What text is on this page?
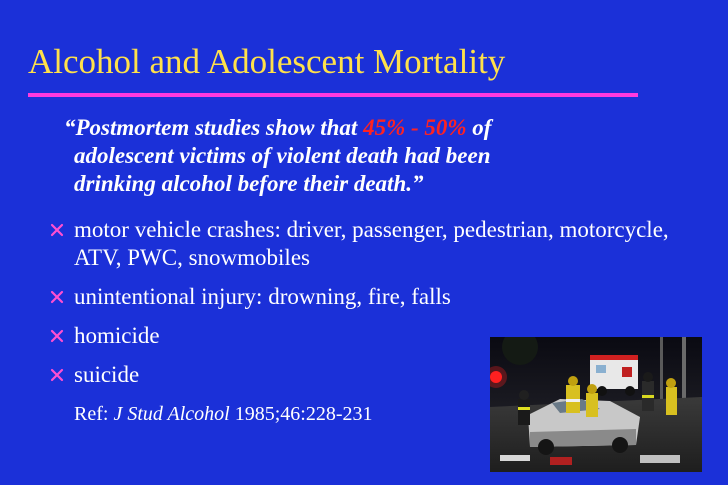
Alcohol and Adolescent Mortality
“Postmortem studies show that 45% - 50% of
adolescent victims of violent death had been
drinking alcohol before their death.”
motor vehicle crashes: driver, passenger, pedestrian, motorcycle, ATV, PWC, snowmobiles
unintentional injury: drowning, fire, falls
homicide
suicide
Ref: J Stud Alcohol 1985;46:228-231
